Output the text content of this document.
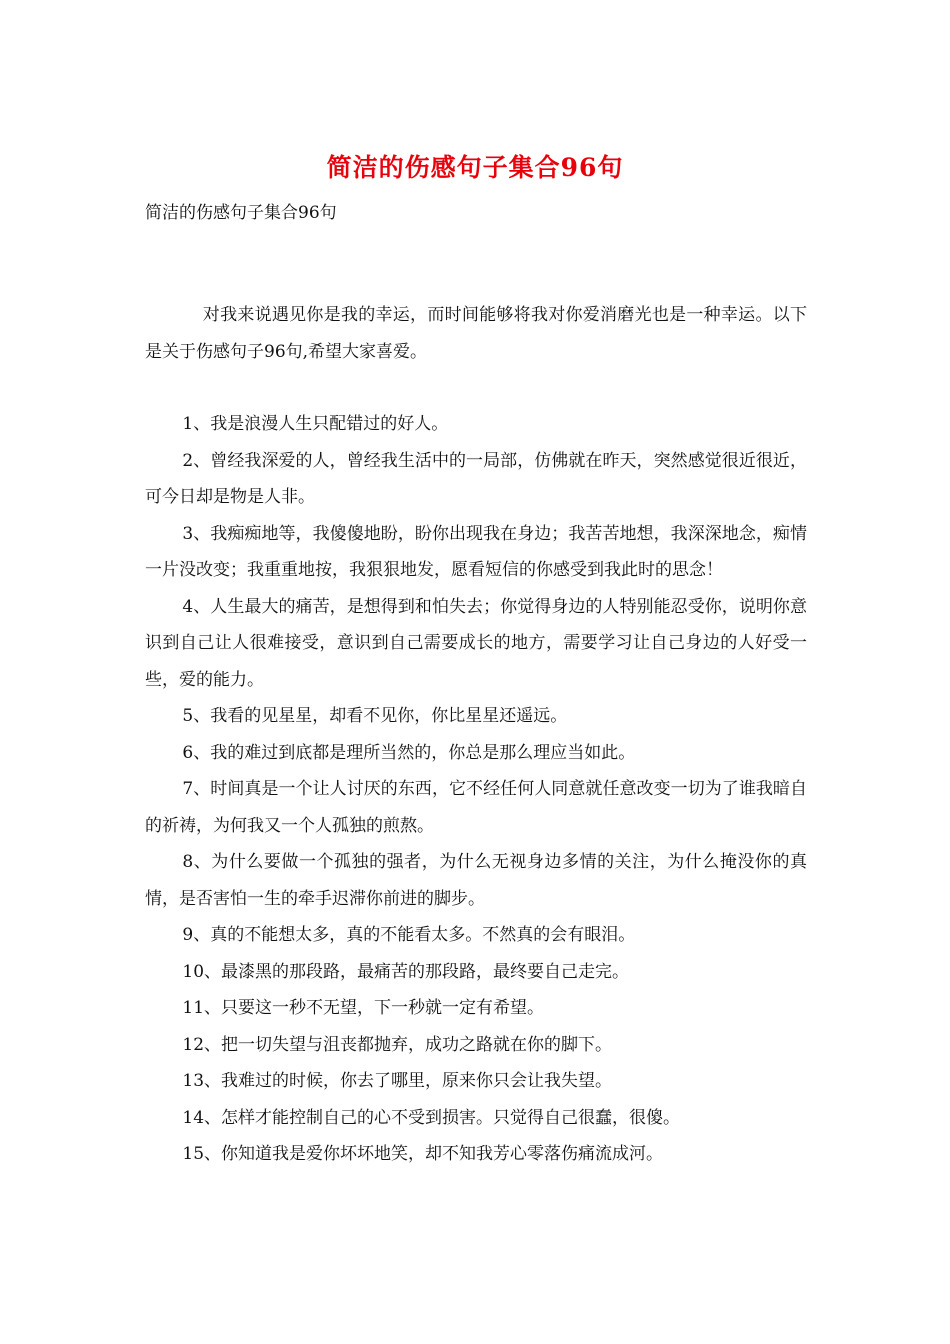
简洁的伤感句子集合96句

简洁的伤感句子集合96句

对我来说遇见你是我的幸运，而时间能够将我对你爱消磨光也是一种幸运。以下是关于伤感句子96句,希望大家喜爱。

1、我是浪漫人生只配错过的好人。

2、曾经我深爱的人，曾经我生活中的一局部，仿佛就在昨天，突然感觉很近很近，可今日却是物是人非。

3、我痴痴地等，我傻傻地盼，盼你出现我在身边；我苦苦地想，我深深地念，痴情一片没改变；我重重地按，我狠狠地发，愿看短信的你感受到我此时的思念！

4、人生最大的痛苦，是想得到和怕失去；你觉得身边的人特别能忍受你，说明你意识到自己让人很难接受，意识到自己需要成长的地方，需要学习让自己身边的人好受一些，爱的能力。

5、我看的见星星，却看不见你，你比星星还遥远。

6、我的难过到底都是理所当然的，你总是那么理应当如此。

7、时间真是一个让人讨厌的东西，它不经任何人同意就任意改变一切为了谁我暗自的祈祷，为何我又一个人孤独的煎熬。

8、为什么要做一个孤独的强者，为什么无视身边多情的关注，为什么掩没你的真情，是否害怕一生的牵手迟滞你前进的脚步。

9、真的不能想太多，真的不能看太多。不然真的会有眼泪。

10、最漆黑的那段路，最痛苦的那段路，最终要自己走完。

11、只要这一秒不无望，下一秒就一定有希望。

12、把一切失望与沮丧都抛弃，成功之路就在你的脚下。

13、我难过的时候，你去了哪里，原来你只会让我失望。

14、怎样才能控制自己的心不受到损害。只觉得自己很蠢，很傻。

15、你知道我是爱你坏坏地笑，却不知我芳心零落伤痛流成河。
